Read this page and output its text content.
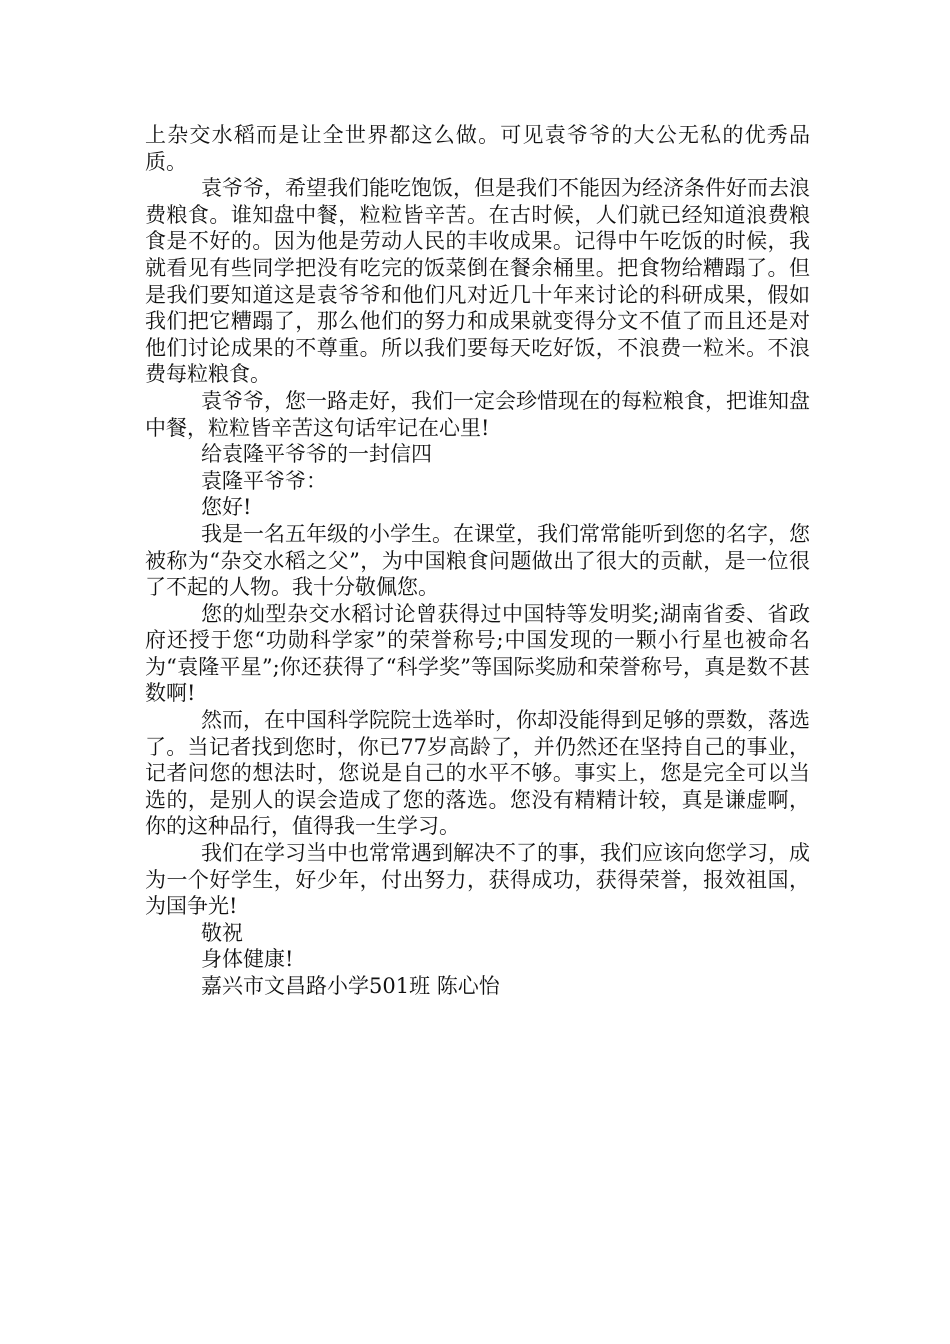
上杂交水稻而是让全世界都这么做。可见袁爷爷的大公无私的优秀品质。

袁爷爷，希望我们能吃饱饭，但是我们不能因为经济条件好而去浪费粮食。谁知盘中餐，粒粒皆辛苦。在古时候，人们就已经知道浪费粮食是不好的。因为他是劳动人民的丰收成果。记得中午吃饭的时候，我就看见有些同学把没有吃完的饭菜倒在餐余桶里。把食物给糟蹋了。但是我们要知道这是袁爷爷和他们凡对近几十年来讨论的科研成果，假如我们把它糟蹋了，那么他们的努力和成果就变得分文不值了而且还是对他们讨论成果的不尊重。所以我们要每天吃好饭，不浪费一粒米。不浪费每粒粮食。

袁爷爷，您一路走好，我们一定会珍惜现在的每粒粮食，把谁知盘中餐，粒粒皆辛苦这句话牢记在心里!

给袁隆平爷爷的一封信四

袁隆平爷爷：

您好!

我是一名五年级的小学生。在课堂，我们常常能听到您的名字，您被称为“杂交水稻之父”，为中国粮食问题做出了很大的贡献，是一位很了不起的人物。我十分敬佩您。

您的灿型杂交水稻讨论曾获得过中国特等发明奖;湖南省委、省政府还授于您“功勋科学家”的荣誉称号;中国发现的一颗小行星也被命名为“袁隆平星”;你还获得了“科学奖”等国际奖励和荣誉称号，真是数不甚数啊!

然而，在中国科学院院士选举时，你却没能得到足够的票数，落选了。当记者找到您时，你已77岁高龄了，并仍然还在坚持自己的事业，记者问您的想法时，您说是自己的水平不够。事实上，您是完全可以当选的，是别人的误会造成了您的落选。您没有精精计较，真是谦虚啊，你的这种品行，值得我一生学习。

我们在学习当中也常常遇到解决不了的事，我们应该向您学习，成为一个好学生，好少年，付出努力，获得成功，获得荣誉，报效祖国，为国争光!

敬祝

身体健康!

嘉兴市文昌路小学501班 陈心怡
